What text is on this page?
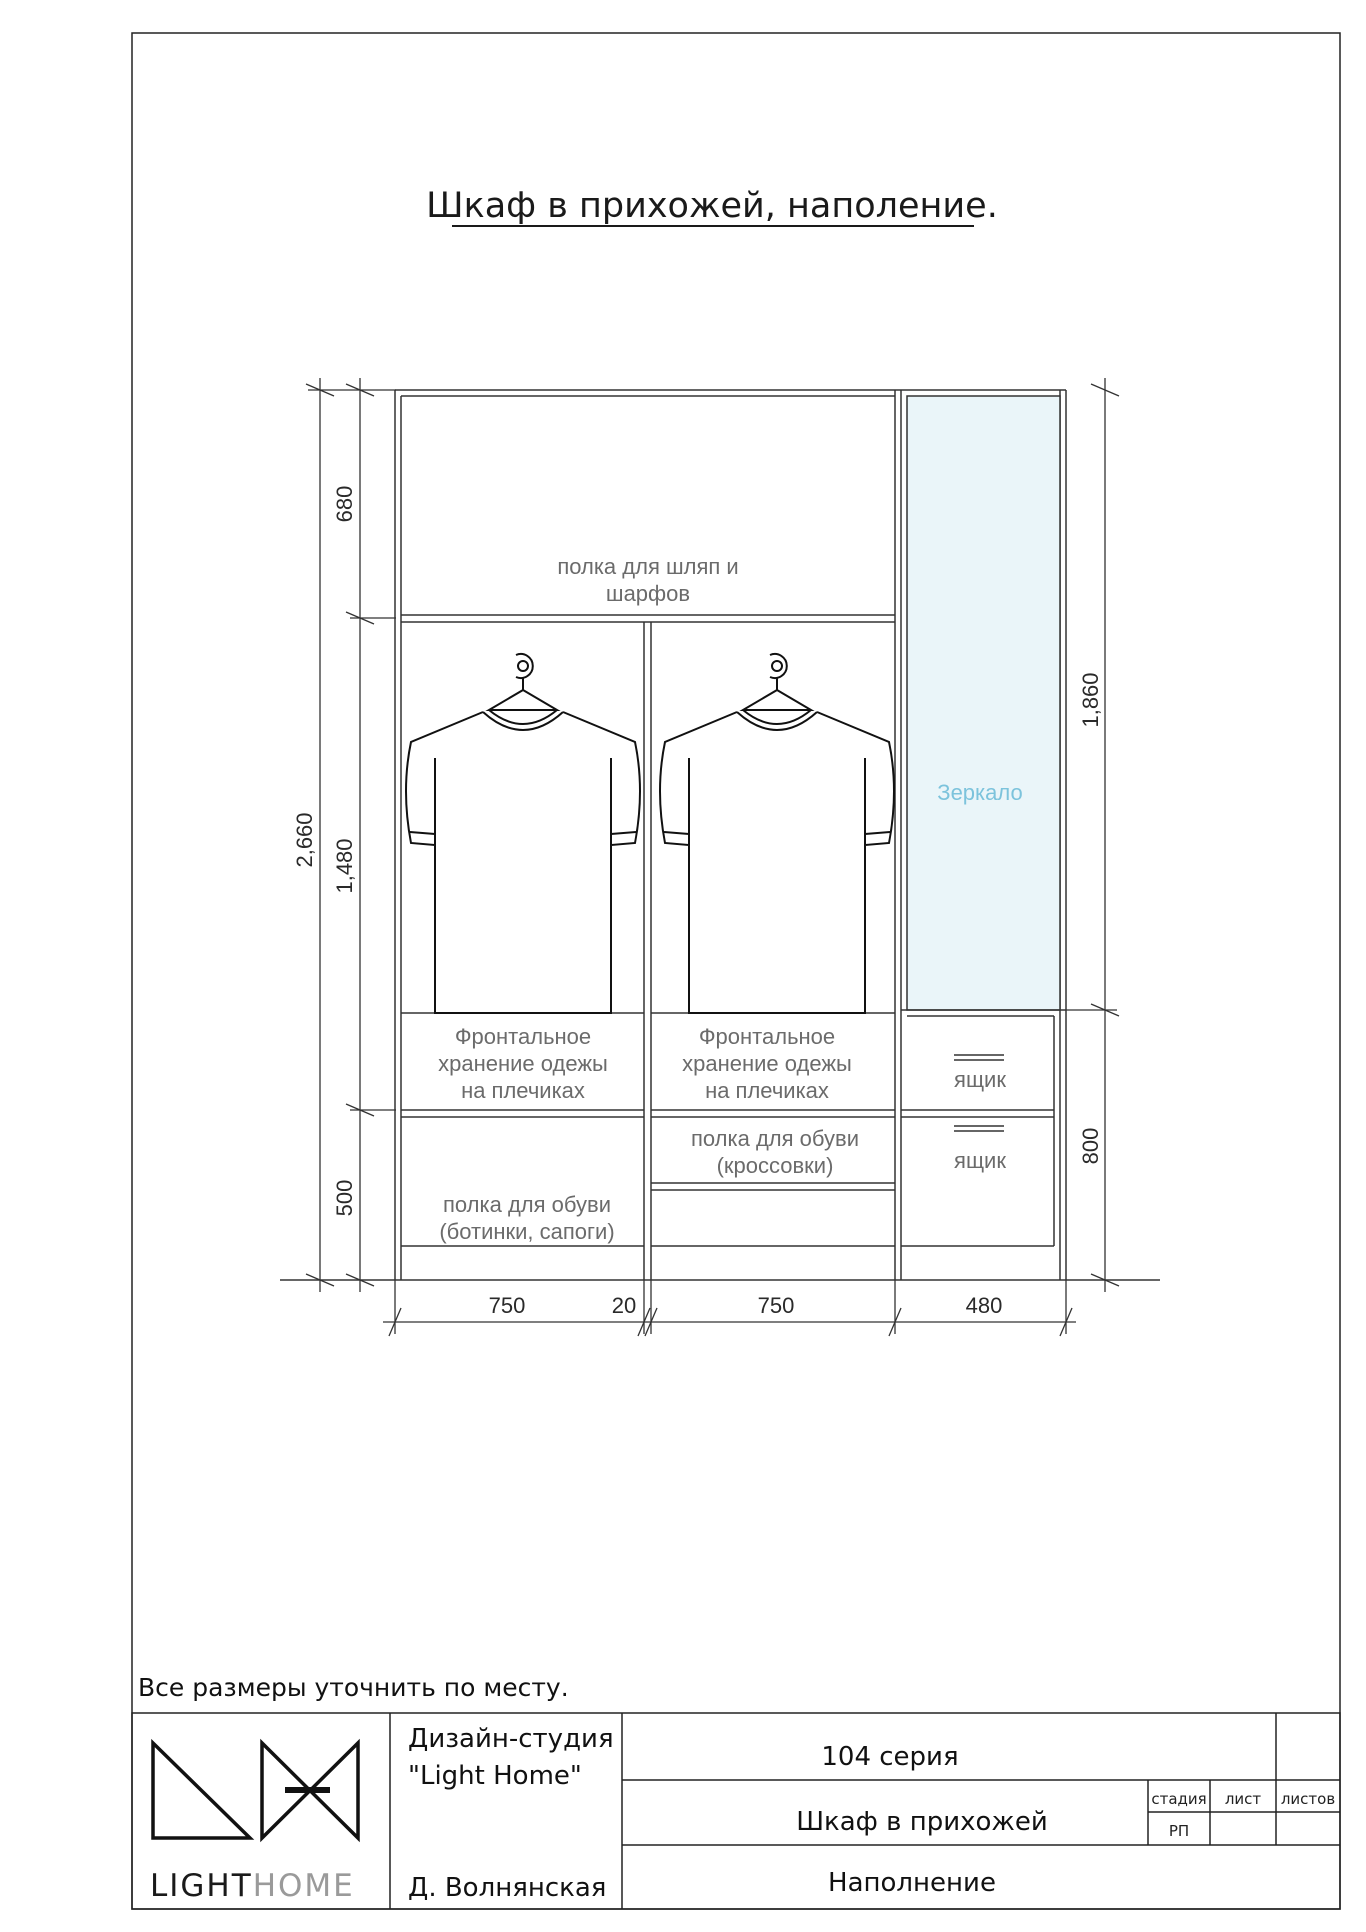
Шкаф в прихожей, наполение.
полка для шляп и
шарфов
Фронтальное
хранение одежы
на плечиках
Фронтальное
хранение одежы
на плечиках
полка для обуви
(ботинки, сапоги)
полка для обуви
(кроссовки)
Зеркало
ящик
ящик
2,660
680
1,480
500
1,860
800
750	20	750	480
Все размеры уточнить по месту.
LIGHTHOME
Дизайн-студия
"Light Home"
Д. Волнянская
104 серия
Шкаф в прихожей
Наполнение
стадия лист листов
РП
